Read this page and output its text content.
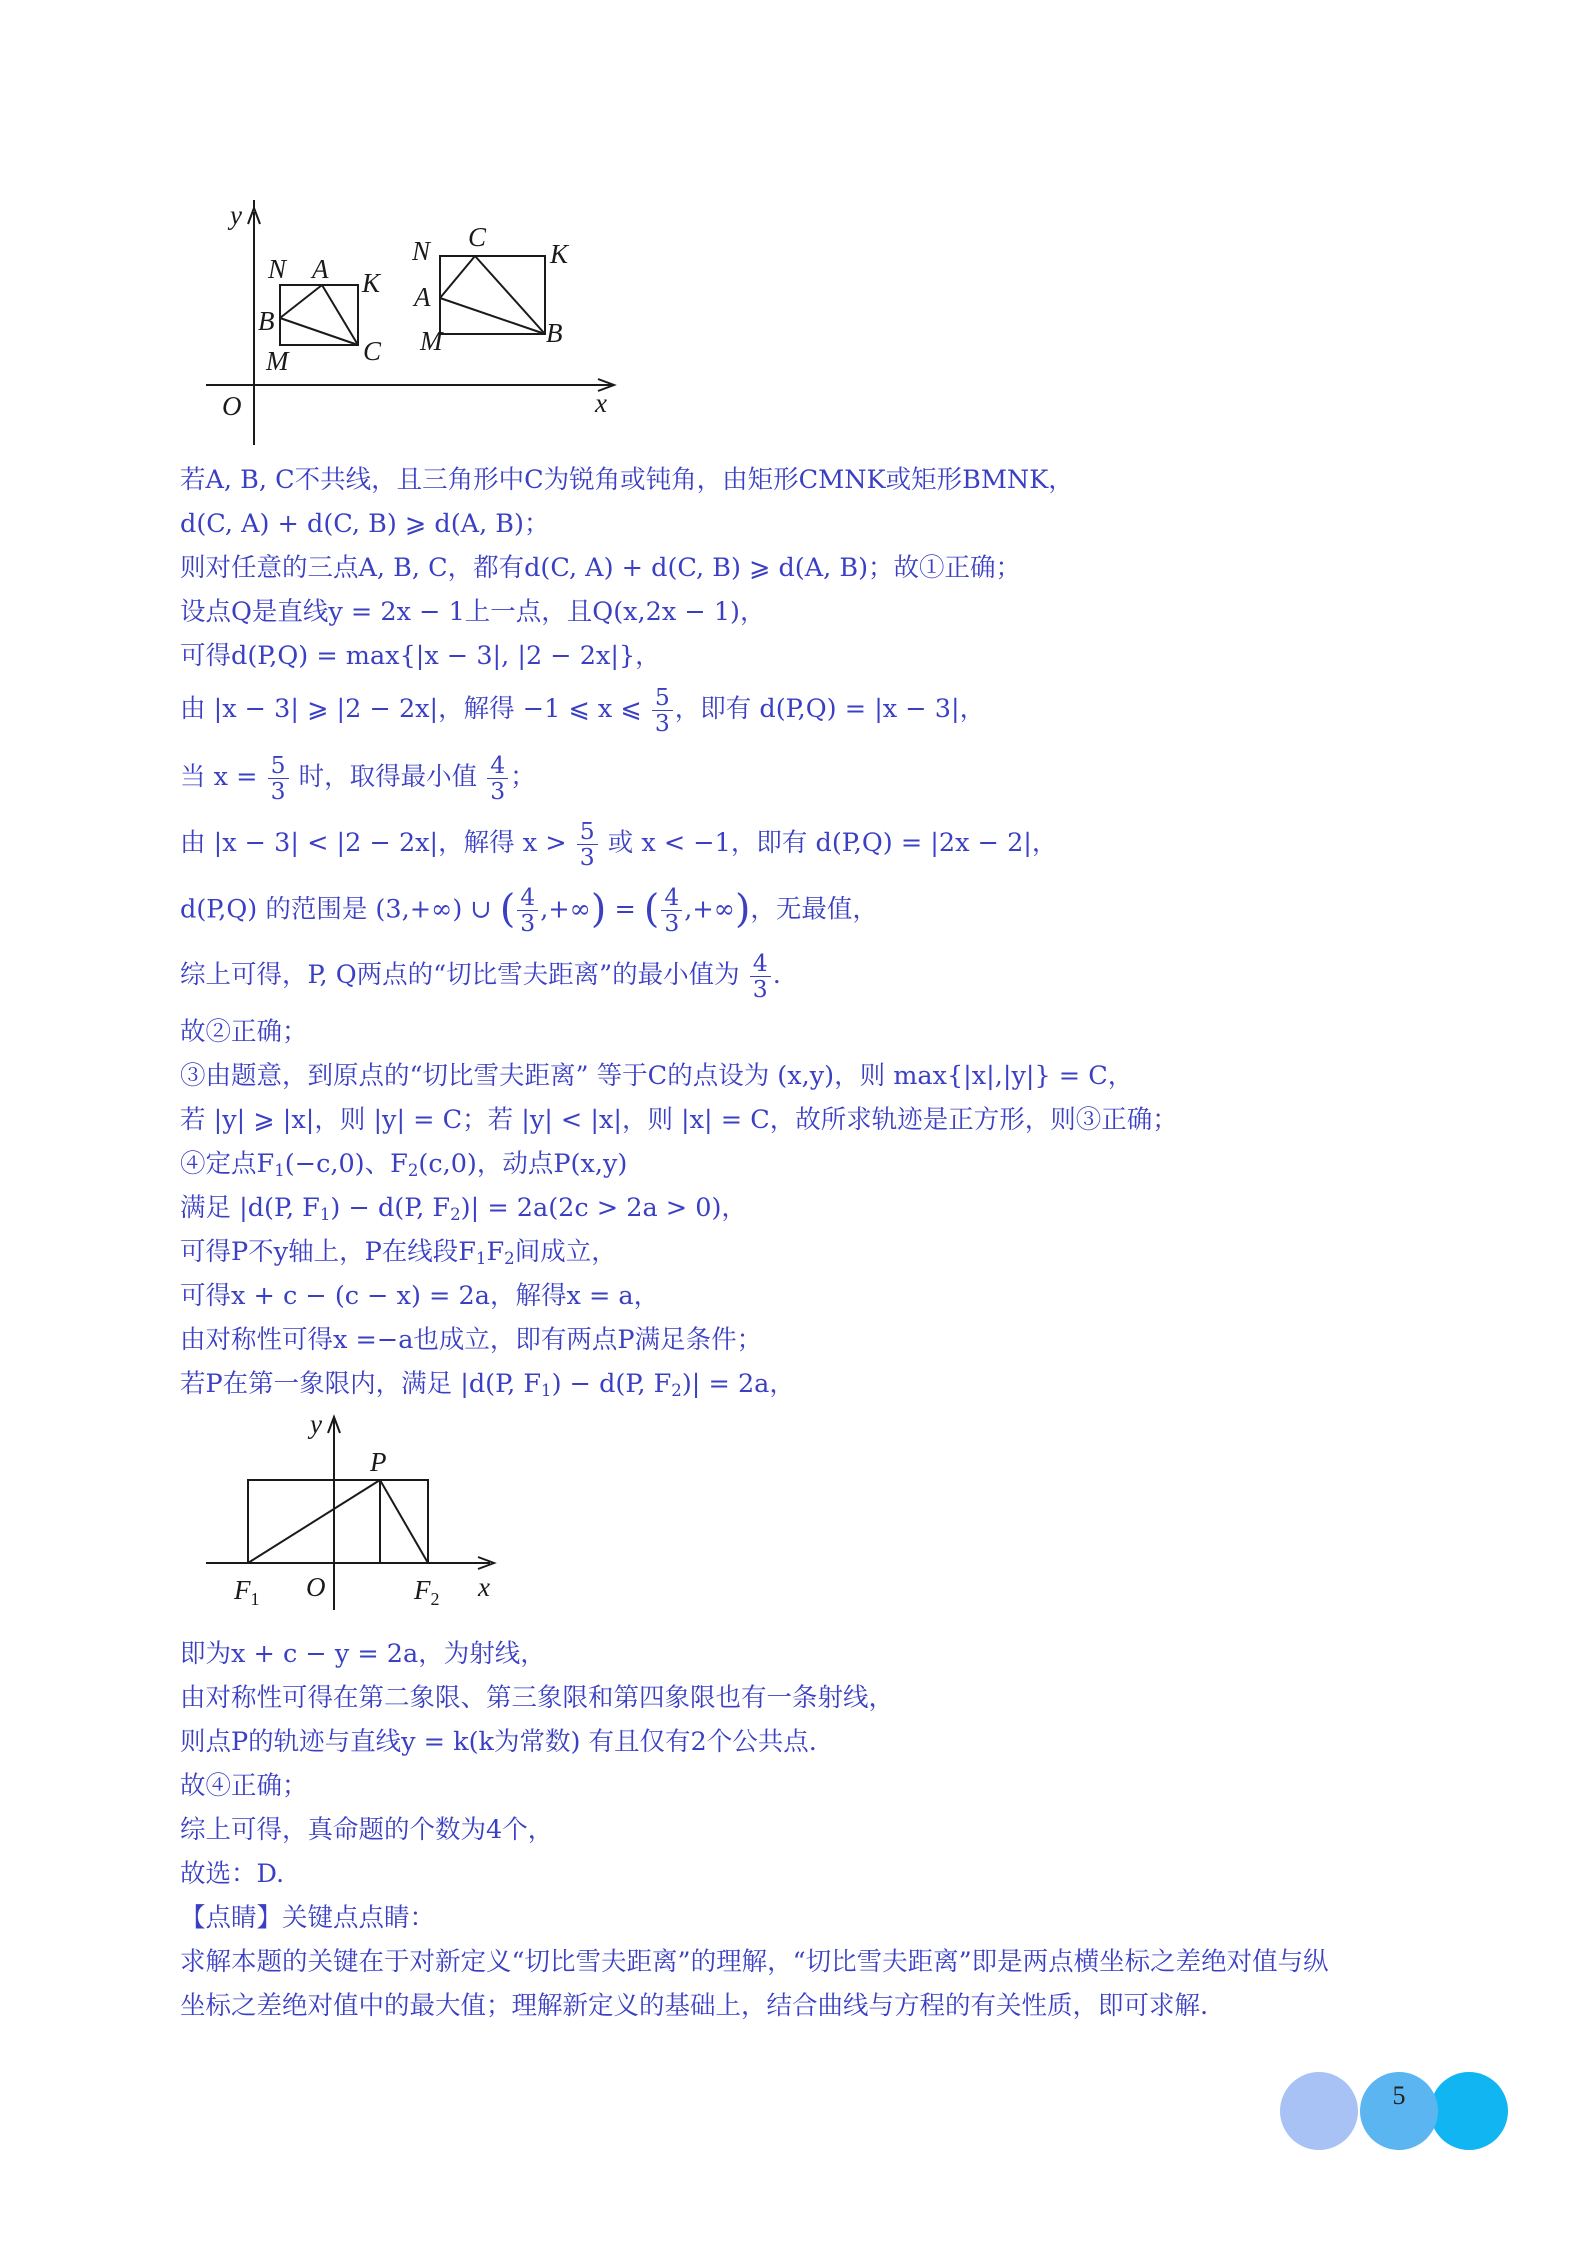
y
x
O
N A K
B
C
M
N C
K
A
B
M
若A, B, C不共线，且三角形中C为锐角或钝角，由矩形CMNK或矩形BMNK，
d(C, A) + d(C, B) ⩾ d(A, B)；
则对任意的三点A, B, C，都有d(C, A) + d(C, B) ⩾ d(A, B)；故①正确；
设点Q是直线y = 2x − 1上一点，且Q(x,2x − 1)，
可得d(P,Q) = max{|x − 3|, |2 − 2x|}，
由 |x − 3| ⩾ |2 − 2x|，解得 −1 ⩽ x ⩽ $\frac{5}{3}$ ，即有 d(P,Q) = |x − 3|，
当 $x = \frac{5}{3}$ 时，取得最小值 $\frac{4}{3}$ ；
由 |x − 3| < |2 − 2x|，解得 $x > \frac{5}{3}$ 或 x < −1，即有 d(P,Q) = |2x − 2|，
d(P,Q) 的范围是 (3,+∞) ∪ ( $\frac{4}{3}$ ,+∞) = ( $\frac{4}{3}$ ,+∞)，无最值，
综上可得，P, Q两点的“切比雪夫距离”的最小值为 $\frac{4}{3}$ .
故②正确；
③由题意，到原点的“切比雪夫距离” 等于C的点设为 (x,y)，则 max{|x|,|y|} = C，
若 |y| ⩾ |x|，则 |y| = C；若 |y| < |x|，则 |x| = C，故所求轨迹是正方形，则③正确；
④定点$F_1(-c,0)$、$F_2(c,0)$，动点P(x,y)
满足 |d(P, $F_1) - d(P$, $F_2)| = 2a(2c > 2a > 0)$，
可得P不y轴上，P在线段$F_1F_2$间成立，
可得x + c − (c − x) = 2a，解得x = a，
由对称性可得x =−a也成立，即有两点P满足条件；
若P在第一象限内，满足 |d(P, $F_1) - d(P$, $F_2)| = 2a$，
y
P
O	x
$F_1$	$F_2$
即为x + c − y = 2a，为射线，
由对称性可得在第二象限、第三象限和第四象限也有一条射线，
则点P的轨迹与直线y = k(k为常数) 有且仅有2个公共点.
故④正确；
综上可得，真命题的个数为4个，
故选：D.
【点睛】关键点点睛：
求解本题的关键在于对新定义“切比雪夫距离”的理解，“切比雪夫距离”即是两点横坐标之差绝对值与纵
坐标之差绝对值中的最大值；理解新定义的基础上，结合曲线与方程的有关性质，即可求解.
5
